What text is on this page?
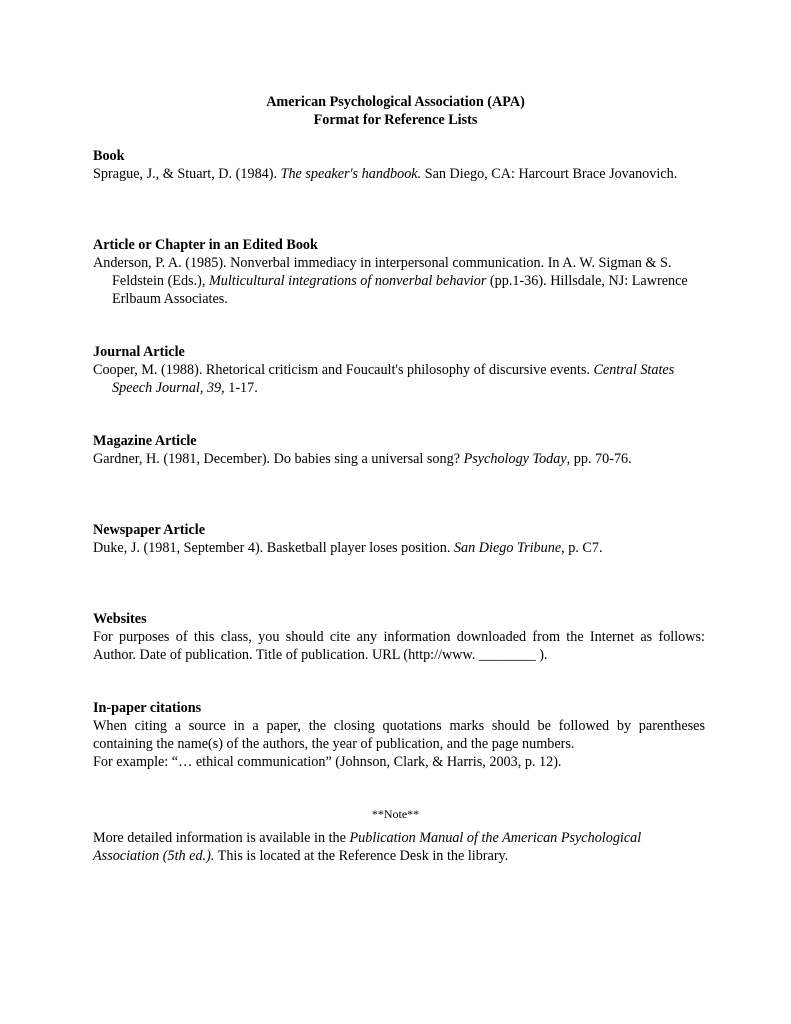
American Psychological Association (APA)
Format for Reference Lists
Book
Sprague, J., & Stuart, D. (1984). The speaker's handbook. San Diego, CA: Harcourt Brace Jovanovich.
Article or Chapter in an Edited Book
Anderson, P. A. (1985). Nonverbal immediacy in interpersonal communication. In A. W. Sigman & S. Feldstein (Eds.), Multicultural integrations of nonverbal behavior (pp.1-36). Hillsdale, NJ: Lawrence Erlbaum Associates.
Journal Article
Cooper, M. (1988). Rhetorical criticism and Foucault's philosophy of discursive events. Central States Speech Journal, 39, 1-17.
Magazine Article
Gardner, H. (1981, December). Do babies sing a universal song? Psychology Today, pp. 70-76.
Newspaper Article
Duke, J. (1981, September 4). Basketball player loses position. San Diego Tribune, p. C7.
Websites
For purposes of this class, you should cite any information downloaded from the Internet as follows: Author. Date of publication. Title of publication. URL (http://www. ________ ).
In-paper citations
When citing a source in a paper, the closing quotations marks should be followed by parentheses containing the name(s) of the authors, the year of publication, and the page numbers.
For example: “… ethical communication” (Johnson, Clark, & Harris, 2003, p. 12).
**Note**
More detailed information is available in the Publication Manual of the American Psychological Association (5th ed.). This is located at the Reference Desk in the library.
